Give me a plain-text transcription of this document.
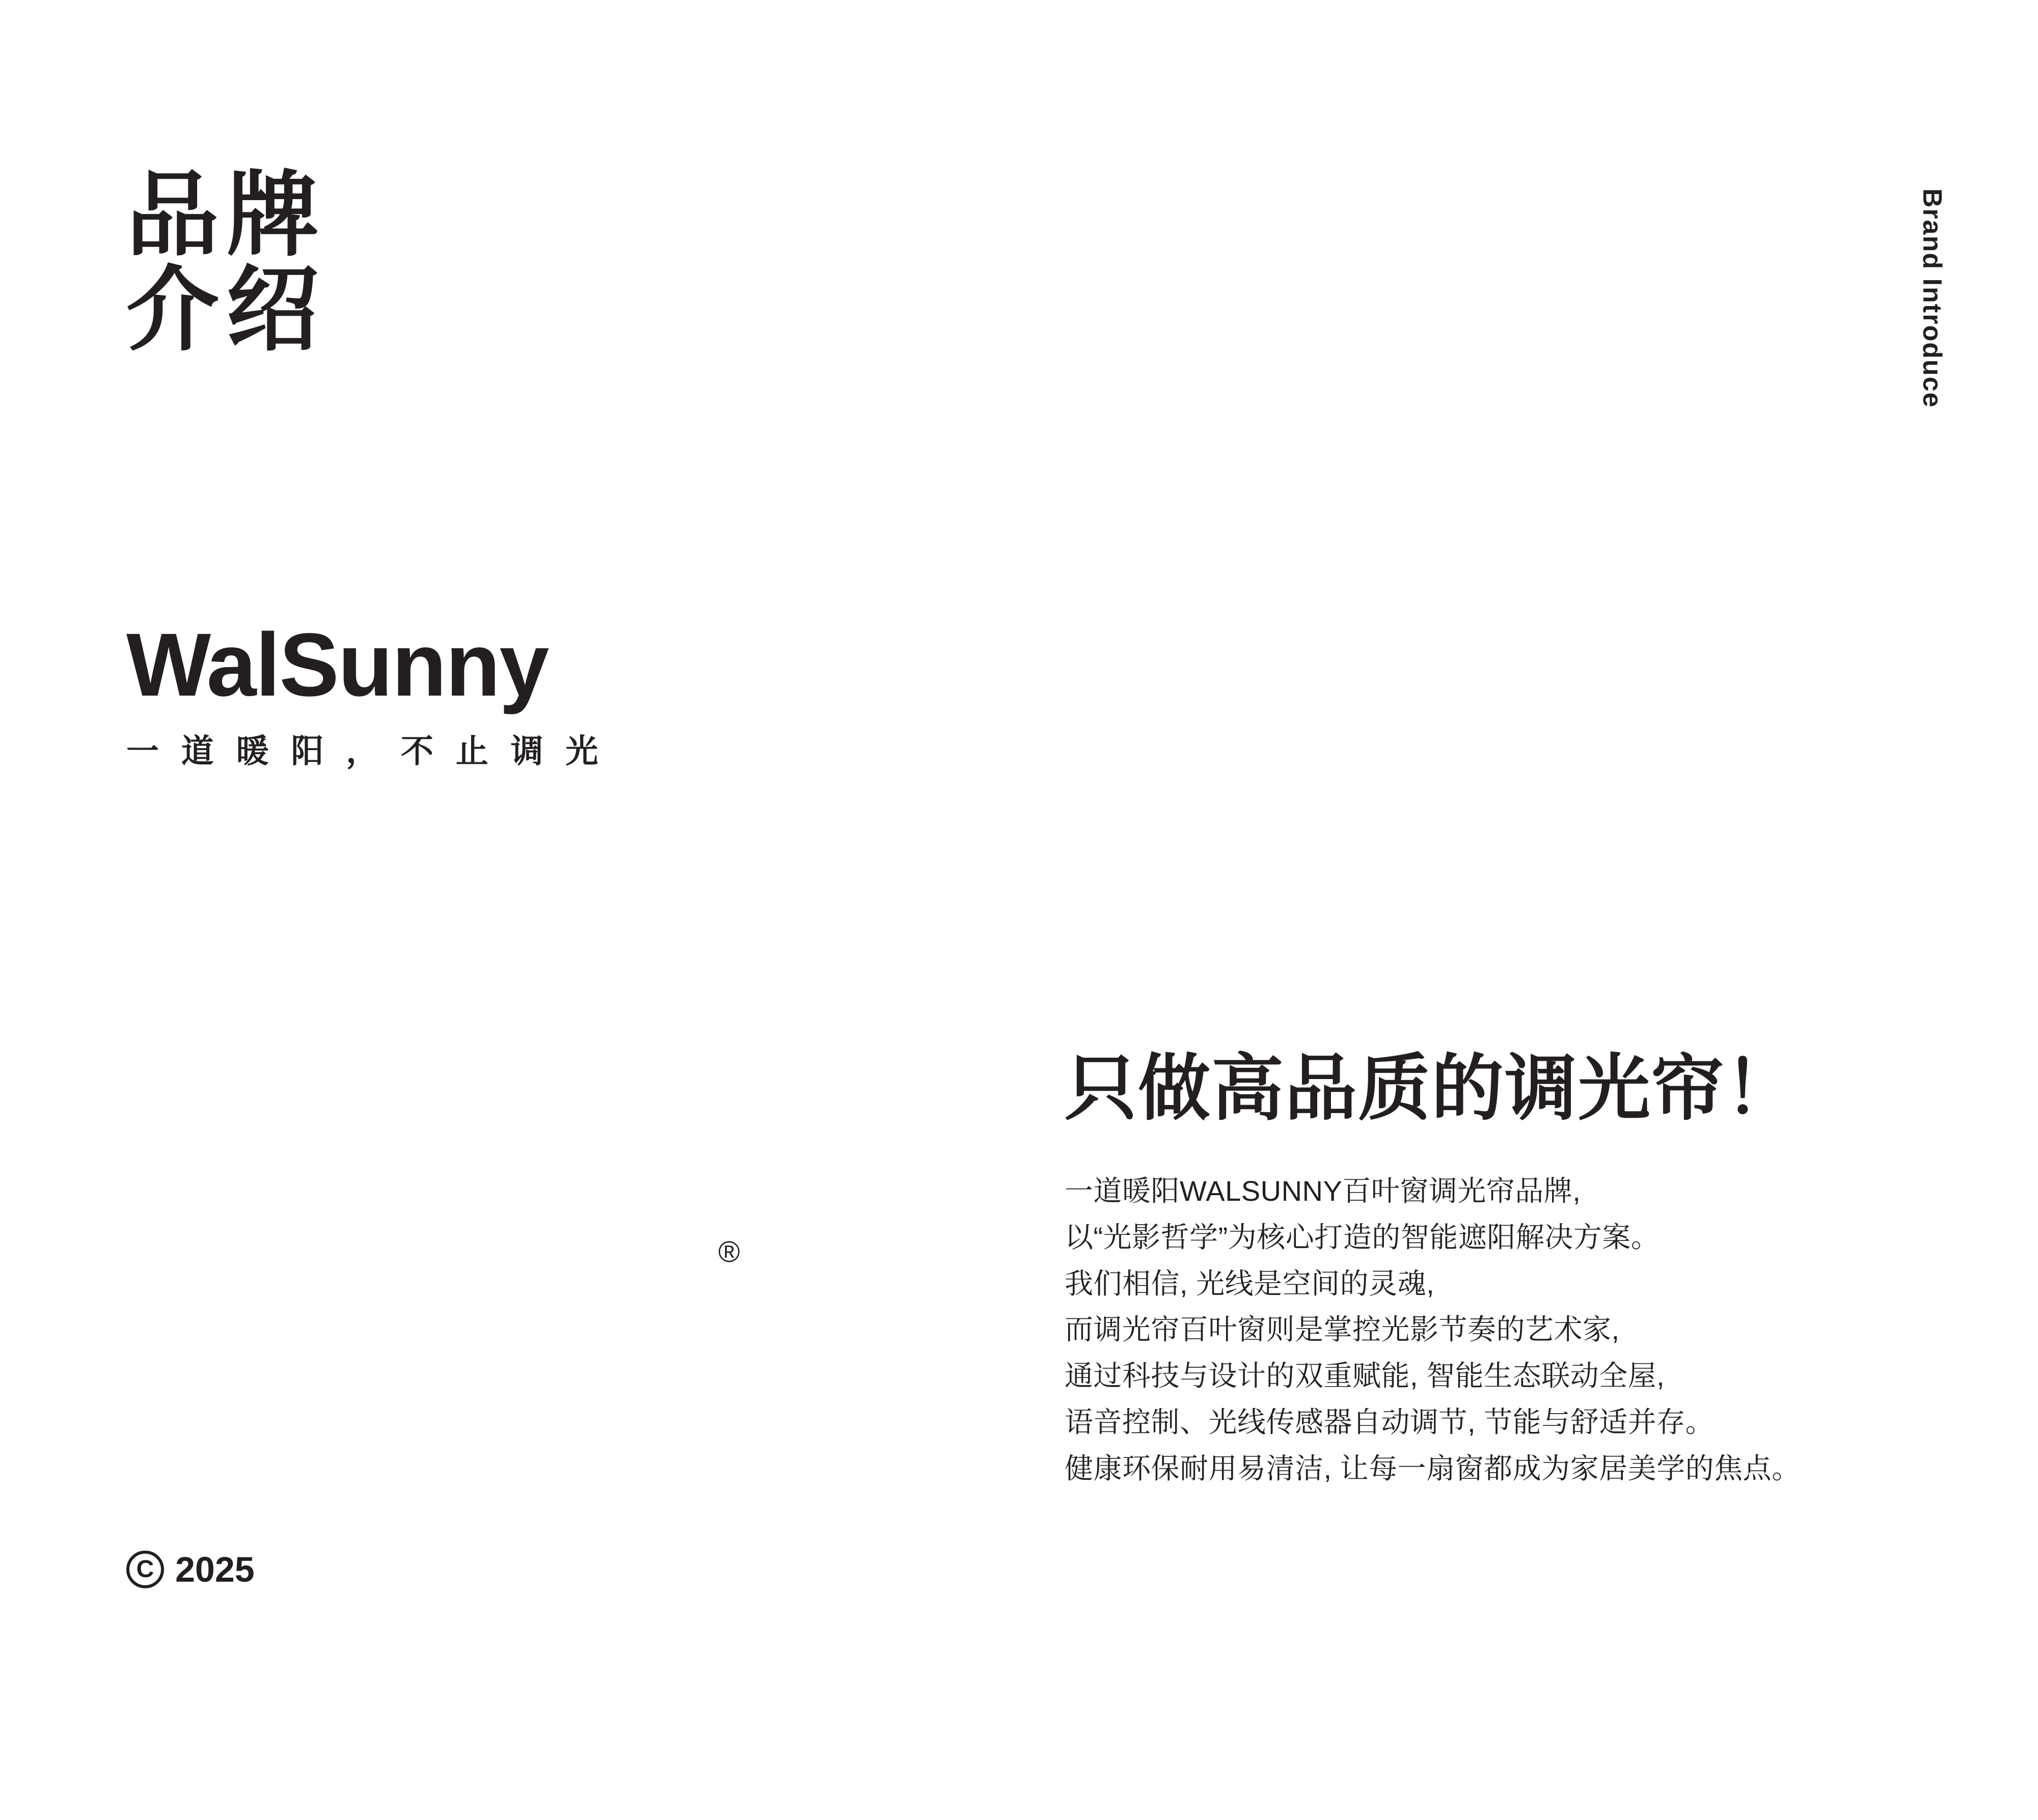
品牌
介绍	Brand Introduce
WalSunny
®
一 道 暖 阳 ， 不 止 调 光
C 2025
只做高品质的调光帘！
一道暖阳WALSUNNY百叶窗调光帘品牌,
以“光影哲学”为核心打造的智能遮阳解决方案。
我们相信, 光线是空间的灵魂,
而调光帘百叶窗则是掌控光影节奏的艺术家,
通过科技与设计的双重赋能, 智能生态联动全屋,
语音控制、光线传感器自动调节, 节能与舒适并存。
健康环保耐用易清洁, 让每一扇窗都成为家居美学的焦点。
